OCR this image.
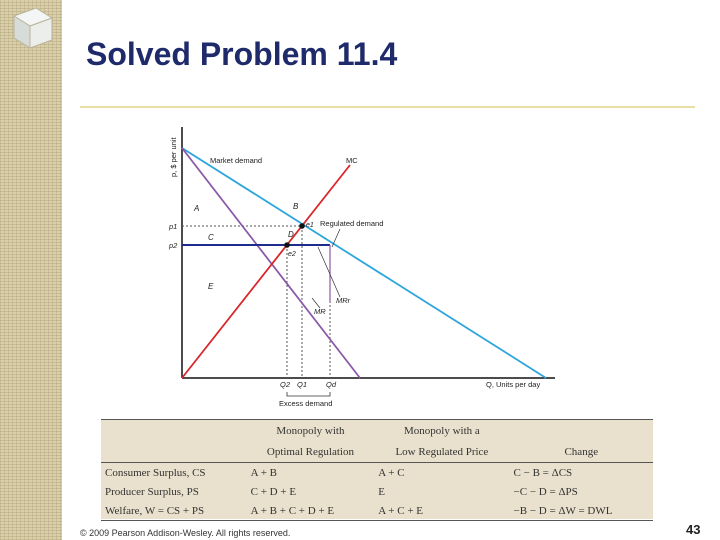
Solved Problem 11.4
p, $ per unit
Q, Units per day
Market demand	MC
Regulated demand
MRr
MR
A	B
C	D
E
e1
e2
p1
p2
Q2 Q1	Qd
Excess demand
	Monopoly with	Monopoly with a	
	Optimal Regulation	Low Regulated Price	Change
Consumer Surplus, CS	A + B	A + C	C − B = ΔCS
Producer Surplus, PS	C + D + E	E	−C − D = ΔPS
Welfare, W = CS + PS	A + B + C + D + E	A + C + E	−B − D = ΔW = DWL
© 2009 Pearson Addison-Wesley. All rights reserved.	43
